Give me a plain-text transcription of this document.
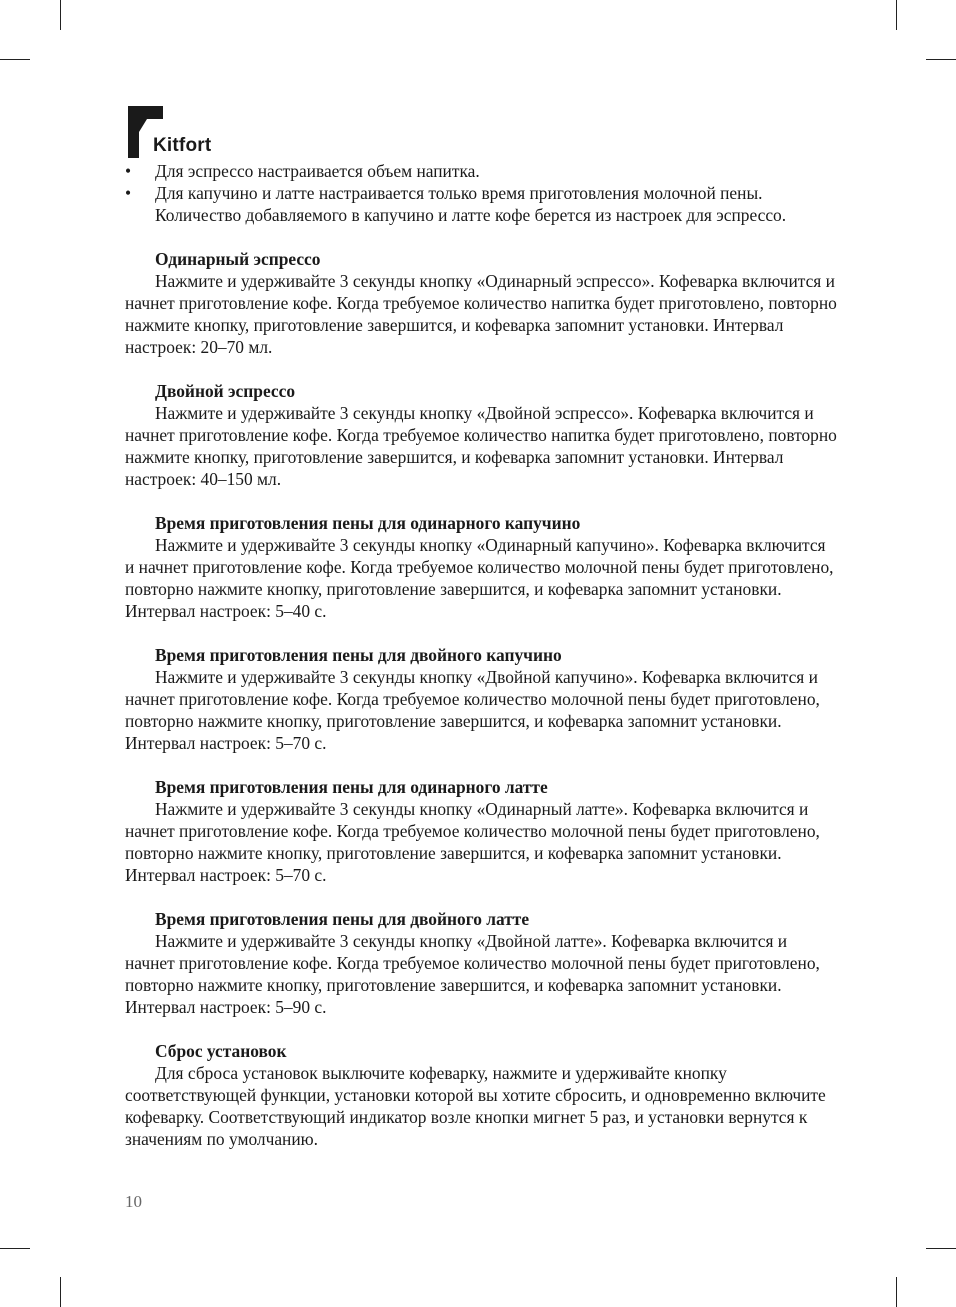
Kitfort
• Для эспрессо настраивается объем напитка.
• Для капучино и латте настраивается только время приготовления молочной пены. Количество добавляемого в капучино и латте кофе берется из настроек для эспрессо.
Одинарный эспрессо

Нажмите и удерживайте 3 секунды кнопку «Одинарный эспрессо». Кофеварка включится и начнет приготовление кофе. Когда требуемое количество напитка будет приготовлено, повторно нажмите кнопку, приготовление завершится, и кофеварка запомнит установки. Интервал настроек: 20–70 мл.

Двойной эспрессо

Нажмите и удерживайте 3 секунды кнопку «Двойной эспрессо». Кофеварка включится и начнет приготовление кофе. Когда требуемое количество напитка будет приготовлено, повторно нажмите кнопку, приготовление завершится, и кофеварка запомнит установки. Интервал настроек: 40–150 мл.

Время приготовления пены для одинарного капучино

Нажмите и удерживайте 3 секунды кнопку «Одинарный капучино». Кофеварка включится и начнет приготовление кофе. Когда требуемое количество молочной пены будет приготовлено, повторно нажмите кнопку, приготовление завершится, и кофеварка запомнит установки. Интервал настроек: 5–40 с.

Время приготовления пены для двойного капучино

Нажмите и удерживайте 3 секунды кнопку «Двойной капучино». Кофеварка включится и начнет приготовление кофе. Когда требуемое количество молочной пены будет приготовлено, повторно нажмите кнопку, приготовление завершится, и кофеварка запомнит установки. Интервал настроек: 5–70 с.

Время приготовления пены для одинарного латте

Нажмите и удерживайте 3 секунды кнопку «Одинарный латте». Кофеварка включится и начнет приготовление кофе. Когда требуемое количество молочной пены будет приготовлено, повторно нажмите кнопку, приготовление завершится, и кофеварка запомнит установки. Интервал настроек: 5–70 с.

Время приготовления пены для двойного латте

Нажмите и удерживайте 3 секунды кнопку «Двойной латте». Кофеварка включится и начнет приготовление кофе. Когда требуемое количество молочной пены будет приготовлено, повторно нажмите кнопку, приготовление завершится, и кофеварка запомнит установки. Интервал настроек: 5–90 с.

Сброс установок

Для сброса установок выключите кофеварку, нажмите и удерживайте кнопку соответствующей функции, установки которой вы хотите сбросить, и одновременно включите кофеварку. Соответствующий индикатор возле кнопки мигнет 5 раз, и установки вернутся к значениям по умолчанию.

10
